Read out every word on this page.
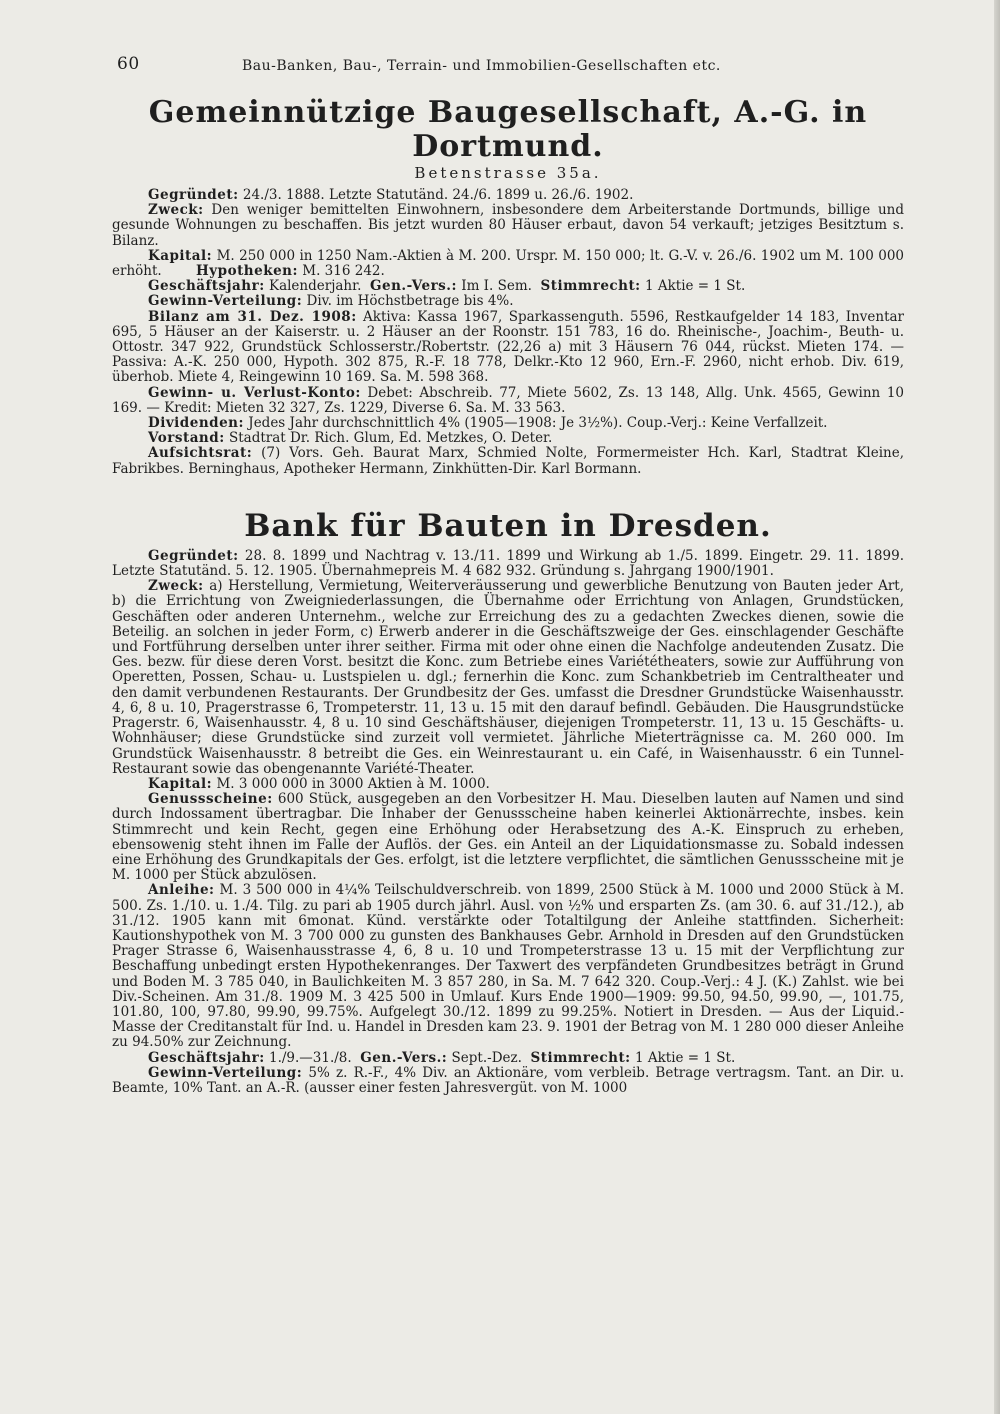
60	Bau-Banken, Bau-, Terrain- und Immobilien-Gesellschaften etc.
Gemeinnützige Baugesellschaft, A.-G. in Dortmund.
Betenstrasse 35a.

Gegründet: 24./3. 1888. Letzte Statutänd. 24./6. 1899 u. 26./6. 1902.

Zweck: Den weniger bemittelten Einwohnern, insbesondere dem Arbeiterstande Dortmunds, billige und gesunde Wohnungen zu beschaffen. Bis jetzt wurden 80 Häuser erbaut, davon 54 verkauft; jetziges Besitztum s. Bilanz.

Kapital: M. 250 000 in 1250 Nam.-Aktien à M. 200. Urspr. M. 150 000; lt. G.-V. v. 26./6. 1902 um M. 100 000 erhöht.	Hypotheken: M. 316 242.

Geschäftsjahr: Kalenderjahr. Gen.-Vers.: Im I. Sem. Stimmrecht: 1 Aktie = 1 St.

Gewinn-Verteilung: Div. im Höchstbetrage bis 4%.

Bilanz am 31. Dez. 1908: Aktiva: Kassa 1967, Sparkassenguth. 5596, Restkaufgelder 14 183, Inventar 695, 5 Häuser an der Kaiserstr. u. 2 Häuser an der Roonstr. 151 783, 16 do. Rheinische-, Joachim-, Beuth- u. Ottostr. 347 922, Grundstück Schlosserstr./Robertstr. (22,26 a) mit 3 Häusern 76 044, rückst. Mieten 174. — Passiva: A.-K. 250 000, Hypoth. 302 875, R.-F. 18 778, Delkr.-Kto 12 960, Ern.-F. 2960, nicht erhob. Div. 619, überhob. Miete 4, Reingewinn 10 169. Sa. M. 598 368.

Gewinn- u. Verlust-Konto: Debet: Abschreib. 77, Miete 5602, Zs. 13 148, Allg. Unk. 4565, Gewinn 10 169. — Kredit: Mieten 32 327, Zs. 1229, Diverse 6. Sa. M. 33 563.

Dividenden: Jedes Jahr durchschnittlich 4% (1905—1908: Je 3½%). Coup.-Verj.: Keine Verfallzeit.

Vorstand: Stadtrat Dr. Rich. Glum, Ed. Metzkes, O. Deter.

Aufsichtsrat: (7) Vors. Geh. Baurat Marx, Schmied Nolte, Formermeister Hch. Karl, Stadtrat Kleine, Fabrikbes. Berninghaus, Apotheker Hermann, Zinkhütten-Dir. Karl Bormann.

Bank für Bauten in Dresden.

Gegründet: 28. 8. 1899 und Nachtrag v. 13./11. 1899 und Wirkung ab 1./5. 1899. Eingetr. 29. 11. 1899. Letzte Statutänd. 5. 12. 1905. Übernahmepreis M. 4 682 932. Gründung s. Jahrgang 1900/1901.

Zweck: a) Herstellung, Vermietung, Weiterveräusserung und gewerbliche Benutzung von Bauten jeder Art, b) die Errichtung von Zweigniederlassungen, die Übernahme oder Errichtung von Anlagen, Grundstücken, Geschäften oder anderen Unternehm., welche zur Erreichung des zu a gedachten Zweckes dienen, sowie die Beteilig. an solchen in jeder Form, c) Erwerb anderer in die Geschäftszweige der Ges. einschlagender Geschäfte und Fortführung derselben unter ihrer seither. Firma mit oder ohne einen die Nachfolge andeutenden Zusatz. Die Ges. bezw. für diese deren Vorst. besitzt die Konc. zum Betriebe eines Variététheaters, sowie zur Aufführung von Operetten, Possen, Schau- u. Lustspielen u. dgl.; fernerhin die Konc. zum Schankbetrieb im Centraltheater und den damit verbundenen Restaurants. Der Grundbesitz der Ges. umfasst die Dresdner Grundstücke Waisenhausstr. 4, 6, 8 u. 10, Pragerstrasse 6, Trompeterstr. 11, 13 u. 15 mit den darauf befindl. Gebäuden. Die Hausgrundstücke Pragerstr. 6, Waisenhausstr. 4, 8 u. 10 sind Geschäftshäuser, diejenigen Trompeterstr. 11, 13 u. 15 Geschäfts- u. Wohnhäuser; diese Grundstücke sind zurzeit voll vermietet. Jährliche Mieterträgnisse ca. M. 260 000. Im Grundstück Waisenhausstr. 8 betreibt die Ges. ein Weinrestaurant u. ein Café, in Waisenhausstr. 6 ein Tunnel-Restaurant sowie das obengenannte Variété-Theater.

Kapital: M. 3 000 000 in 3000 Aktien à M. 1000.

Genussscheine: 600 Stück, ausgegeben an den Vorbesitzer H. Mau. Dieselben lauten auf Namen und sind durch Indossament übertragbar. Die Inhaber der Genussscheine haben keinerlei Aktionärrechte, insbes. kein Stimmrecht und kein Recht, gegen eine Erhöhung oder Herabsetzung des A.-K. Einspruch zu erheben, ebensowenig steht ihnen im Falle der Auflös. der Ges. ein Anteil an der Liquidationsmasse zu. Sobald indessen eine Erhöhung des Grundkapitals der Ges. erfolgt, ist die letztere verpflichtet, die sämtlichen Genussscheine mit je M. 1000 per Stück abzulösen.

Anleihe: M. 3 500 000 in 4¼% Teilschuldverschreib. von 1899, 2500 Stück à M. 1000 und 2000 Stück à M. 500. Zs. 1./10. u. 1./4. Tilg. zu pari ab 1905 durch jährl. Ausl. von ½% und ersparten Zs. (am 30. 6. auf 31./12.), ab 31./12. 1905 kann mit 6monat. Künd. verstärkte oder Totaltilgung der Anleihe stattfinden. Sicherheit: Kautionshypothek von M. 3 700 000 zu gunsten des Bankhauses Gebr. Arnhold in Dresden auf den Grundstücken Prager Strasse 6, Waisenhausstrasse 4, 6, 8 u. 10 und Trompeterstrasse 13 u. 15 mit der Verpflichtung zur Beschaffung unbedingt ersten Hypothekenranges. Der Taxwert des verpfändeten Grundbesitzes beträgt in Grund und Boden M. 3 785 040, in Baulichkeiten M. 3 857 280, in Sa. M. 7 642 320. Coup.-Verj.: 4 J. (K.) Zahlst. wie bei Div.-Scheinen. Am 31./8. 1909 M. 3 425 500 in Umlauf. Kurs Ende 1900—1909: 99.50, 94.50, 99.90, —, 101.75, 101.80, 100, 97.80, 99.90, 99.75%. Aufgelegt 30./12. 1899 zu 99.25%. Notiert in Dresden. — Aus der Liquid.-Masse der Creditanstalt für Ind. u. Handel in Dresden kam 23. 9. 1901 der Betrag von M. 1 280 000 dieser Anleihe zu 94.50% zur Zeichnung.

Geschäftsjahr: 1./9.—31./8. Gen.-Vers.: Sept.-Dez. Stimmrecht: 1 Aktie = 1 St.

Gewinn-Verteilung: 5% z. R.-F., 4% Div. an Aktionäre, vom verbleib. Betrage vertragsm. Tant. an Dir. u. Beamte, 10% Tant. an A.-R. (ausser einer festen Jahresvergüt. von M. 1000
